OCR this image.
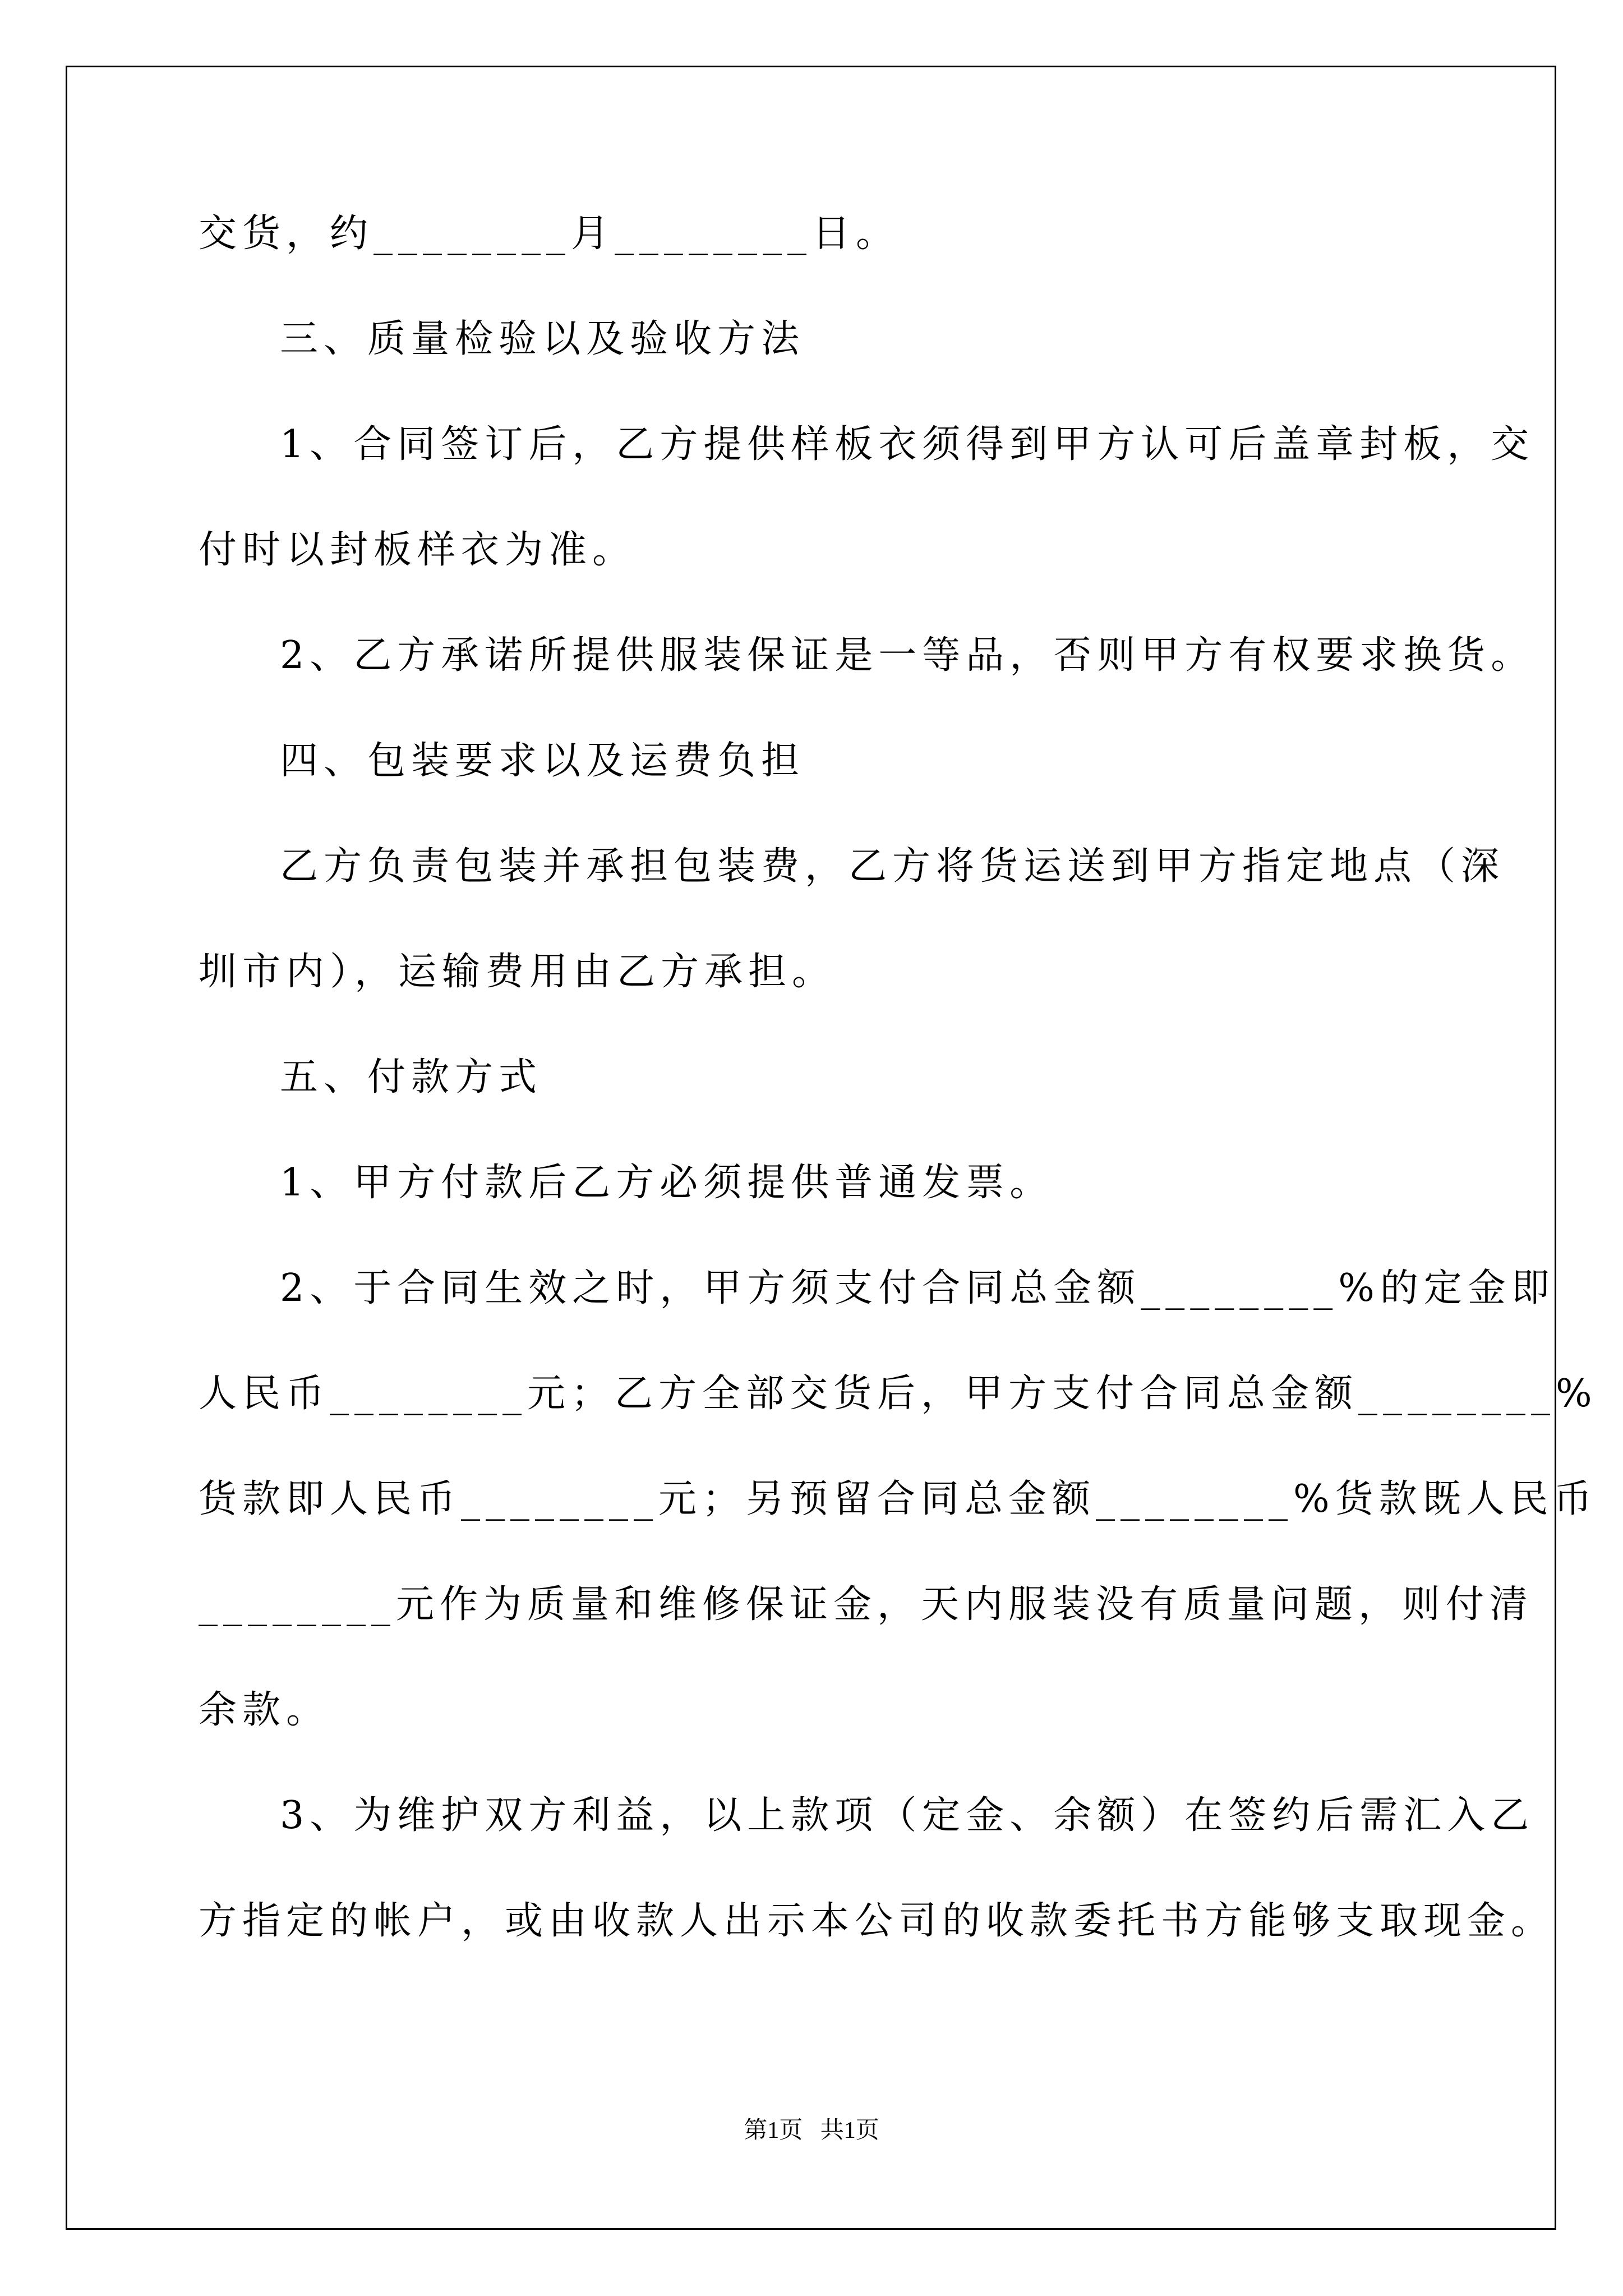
交货，约________月________日。
三、质量检验以及验收方法
1、合同签订后，乙方提供样板衣须得到甲方认可后盖章封板，交
付时以封板样衣为准。
2、乙方承诺所提供服装保证是一等品，否则甲方有权要求换货。
四、包装要求以及运费负担
乙方负责包装并承担包装费，乙方将货运送到甲方指定地点（深
圳市内），运输费用由乙方承担。
五、付款方式
1、甲方付款后乙方必须提供普通发票。
2、于合同生效之时，甲方须支付合同总金额________%的定金即
人民币________元；乙方全部交货后，甲方支付合同总金额________%
货款即人民币________元；另预留合同总金额________%货款既人民币
________元作为质量和维修保证金，天内服装没有质量问题，则付清
余款。
3、为维护双方利益，以上款项（定金、余额）在签约后需汇入乙
方指定的帐户，或由收款人出示本公司的收款委托书方能够支取现金。
第1页   共1页
